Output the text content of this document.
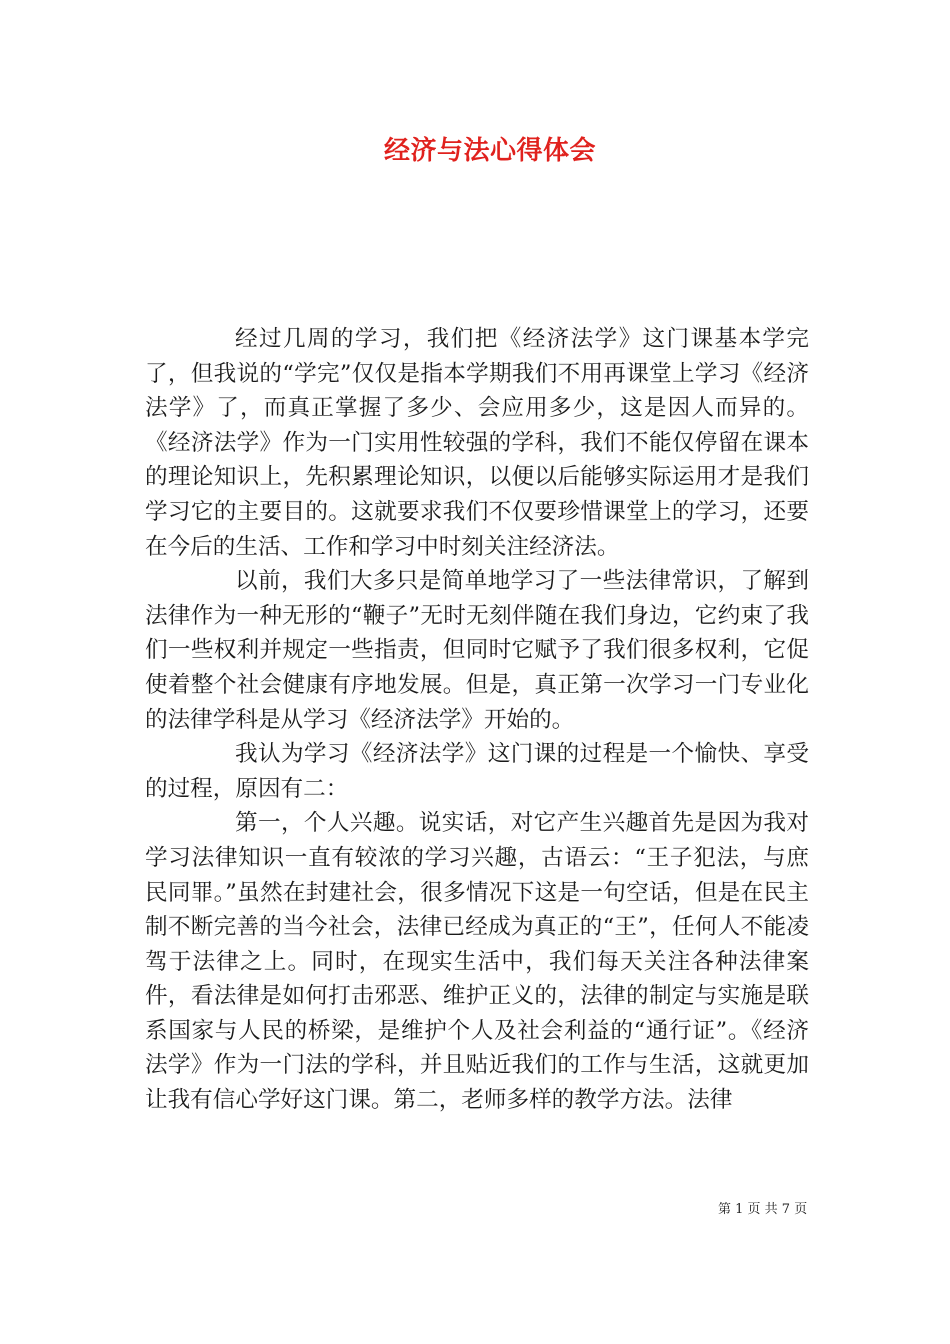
经济与法心得体会

经过几周的学习，我们把《经济法学》这门课基本学完了，但我说的“学完”仅仅是指本学期我们不用再课堂上学习《经济法学》了，而真正掌握了多少、会应用多少，这是因人而异的。《经济法学》作为一门实用性较强的学科，我们不能仅停留在课本的理论知识上，先积累理论知识，以便以后能够实际运用才是我们学习它的主要目的。这就要求我们不仅要珍惜课堂上的学习，还要在今后的生活、工作和学习中时刻关注经济法。

以前，我们大多只是简单地学习了一些法律常识，了解到法律作为一种无形的“鞭子”无时无刻伴随在我们身边，它约束了我们一些权利并规定一些指责，但同时它赋予了我们很多权利，它促使着整个社会健康有序地发展。但是，真正第一次学习一门专业化的法律学科是从学习《经济法学》开始的。

我认为学习《经济法学》这门课的过程是一个愉快、享受的过程，原因有二：

第一，个人兴趣。说实话，对它产生兴趣首先是因为我对学习法律知识一直有较浓的学习兴趣，古语云：“王子犯法，与庶民同罪。”虽然在封建社会，很多情况下这是一句空话，但是在民主制不断完善的当今社会，法律已经成为真正的“王”，任何人不能凌驾于法律之上。同时，在现实生活中，我们每天关注各种法律案件，看法律是如何打击邪恶、维护正义的，法律的制定与实施是联系国家与人民的桥梁，是维护个人及社会利益的“通行证”。《经济法学》作为一门法的学科，并且贴近我们的工作与生活，这就更加让我有信心学好这门课。第二，老师多样的教学方法。法律

第 1 页 共 7 页
